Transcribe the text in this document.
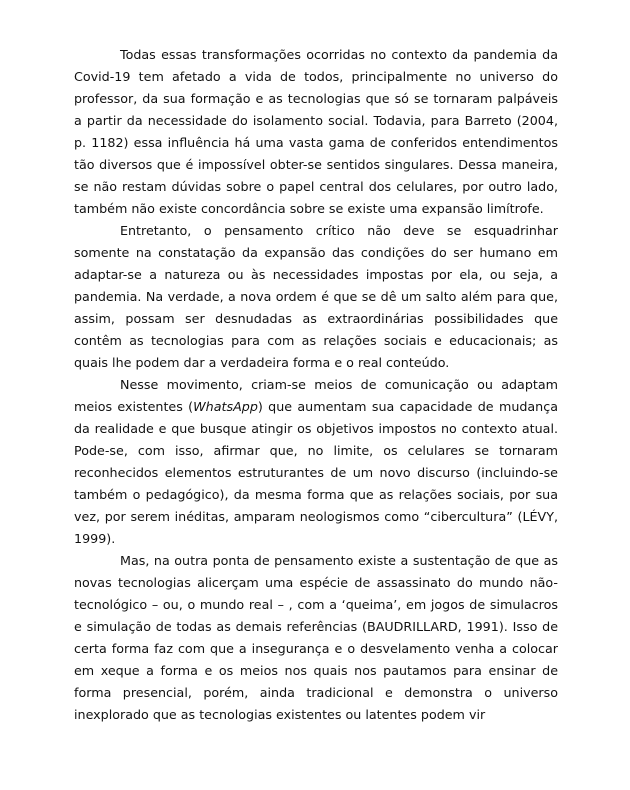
Todas essas transformações ocorridas no contexto da pandemia da Covid-19 tem afetado a vida de todos, principalmente no universo do professor, da sua formação e as tecnologias que só se tornaram palpáveis a partir da necessidade do isolamento social. Todavia, para Barreto (2004, p. 1182) essa influência há uma vasta gama de conferidos entendimentos tão diversos que é impossível obter-se sentidos singulares. Dessa maneira, se não restam dúvidas sobre o papel central dos celulares, por outro lado, também não existe concordância sobre se existe uma expansão limítrofe.

Entretanto, o pensamento crítico não deve se esquadrinhar somente na constatação da expansão das condições do ser humano em adaptar-se a natureza ou às necessidades impostas por ela, ou seja, a pandemia. Na verdade, a nova ordem é que se dê um salto além para que, assim, possam ser desnudadas as extraordinárias possibilidades que contêm as tecnologias para com as relações sociais e educacionais; as quais lhe podem dar a verdadeira forma e o real conteúdo.

Nesse movimento, criam-se meios de comunicação ou adaptam meios existentes (WhatsApp) que aumentam sua capacidade de mudança da realidade e que busque atingir os objetivos impostos no contexto atual. Pode-se, com isso, afirmar que, no limite, os celulares se tornaram reconhecidos elementos estruturantes de um novo discurso (incluindo-se também o pedagógico), da mesma forma que as relações sociais, por sua vez, por serem inéditas, amparam neologismos como “cibercultura” (LÉVY, 1999).

Mas, na outra ponta de pensamento existe a sustentação de que as novas tecnologias alicerçam uma espécie de assassinato do mundo não-tecnológico – ou, o mundo real – , com a ‘queima’, em jogos de simulacros e simulação de todas as demais referências (BAUDRILLARD, 1991). Isso de certa forma faz com que a insegurança e o desvelamento venha a colocar em xeque a forma e os meios nos quais nos pautamos para ensinar de forma presencial, porém, ainda tradicional e demonstra o universo inexplorado que as tecnologias existentes ou latentes podem vir
